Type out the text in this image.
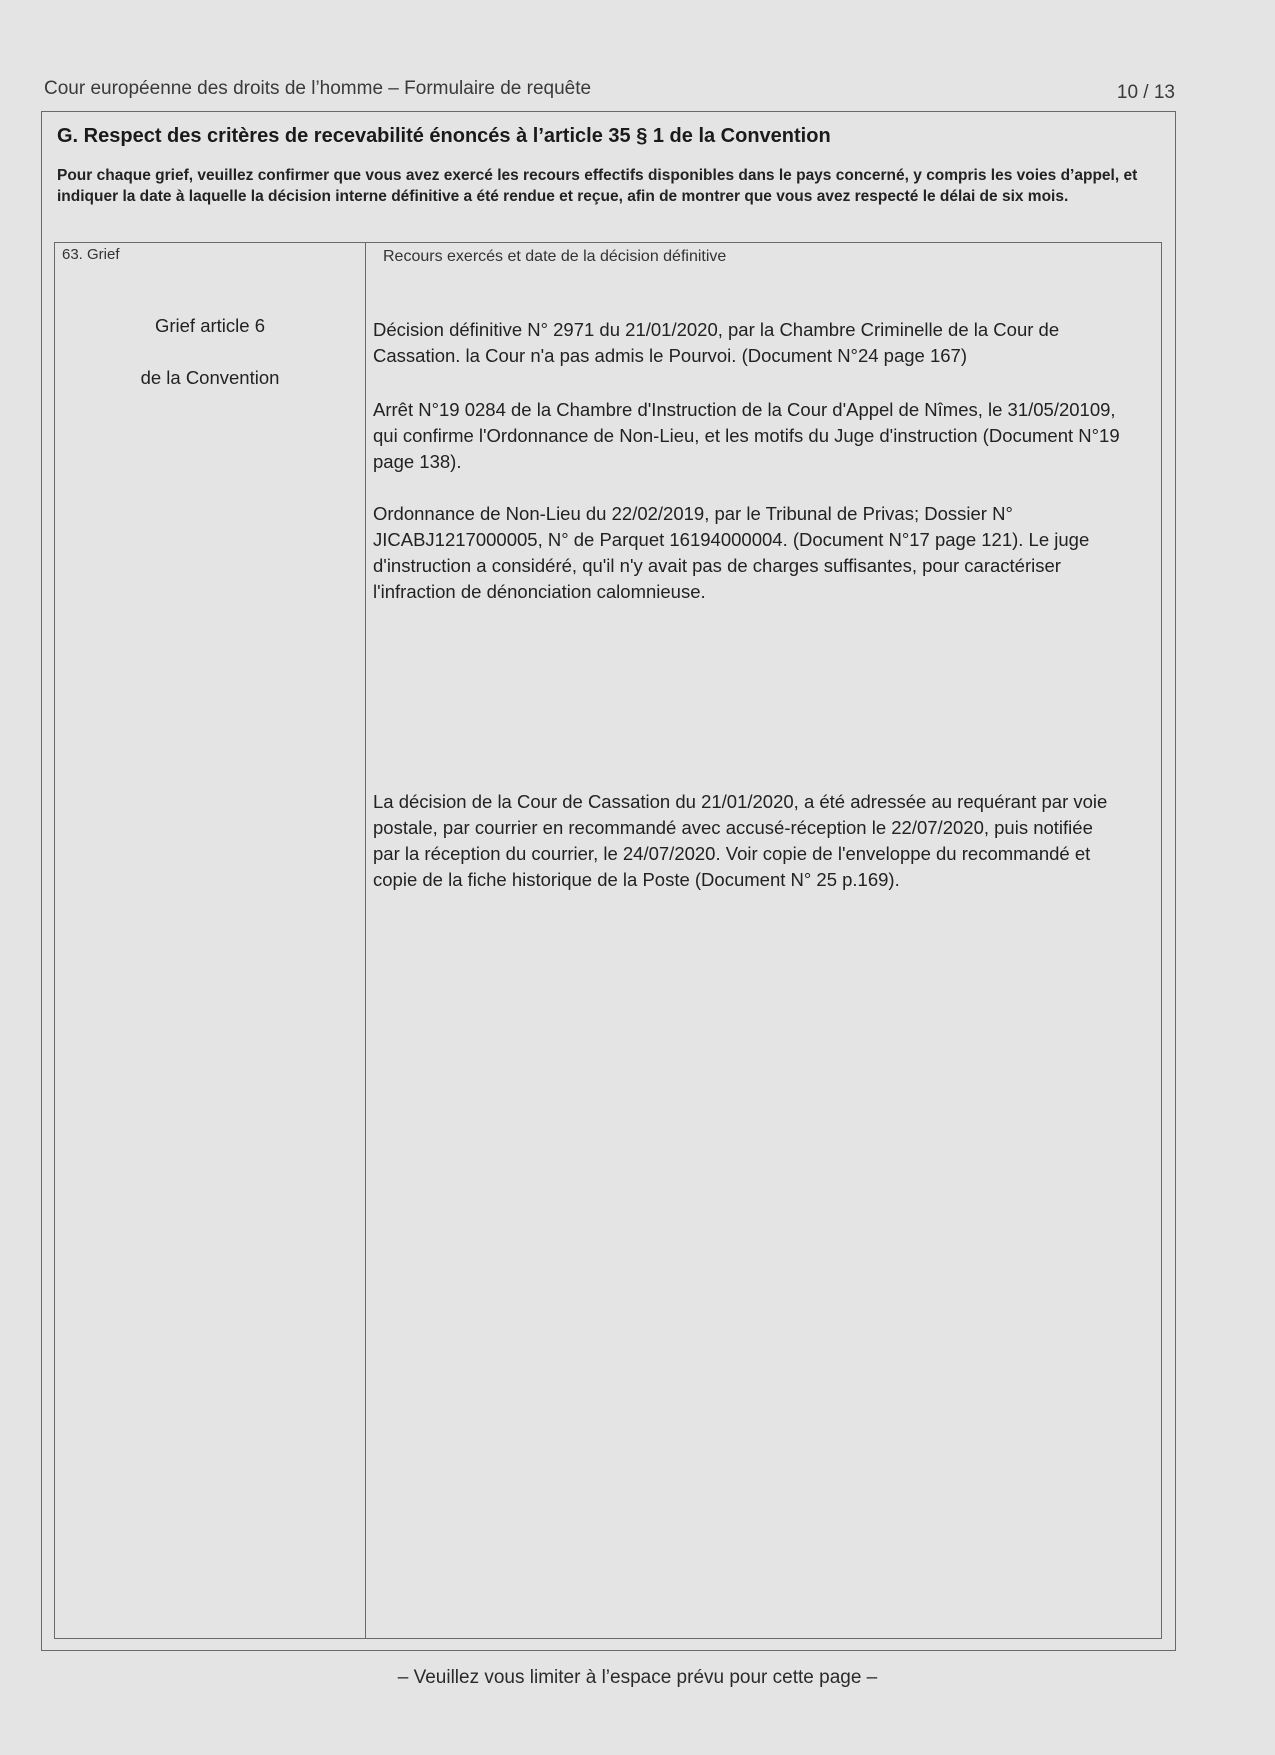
Cour européenne des droits de l’homme – Formulaire de requête	10 / 13
G. Respect des critères de recevabilité énoncés à l’article 35 § 1 de la Convention
Pour chaque grief, veuillez confirmer que vous avez exercé les recours effectifs disponibles dans le pays concerné, y compris les voies d’appel, et indiquer la date à laquelle la décision interne définitive a été rendue et reçue, afin de montrer que vous avez respecté le délai de six mois.
63. Grief	Recours exercés et date de la décision définitive
Grief article 6
de la Convention

Décision définitive N° 2971 du 21/01/2020, par la Chambre Criminelle de la Cour de Cassation. la Cour n'a pas admis le Pourvoi. (Document N°24 page 167)

Arrêt N°19 0284 de la Chambre d'Instruction de la Cour d'Appel de Nîmes, le 31/05/20109, qui confirme l'Ordonnance de Non-Lieu, et les motifs du Juge d'instruction (Document N°19 page 138).

Ordonnance de Non-Lieu du 22/02/2019, par le Tribunal de Privas; Dossier N° JICABJ1217000005, N° de Parquet 16194000004. (Document N°17 page 121). Le juge d'instruction a considéré, qu'il n'y avait pas de charges suffisantes, pour caractériser l'infraction de dénonciation calomnieuse.

La décision de la Cour de Cassation du 21/01/2020, a été adressée au requérant par voie postale, par courrier en recommandé avec accusé-réception le 22/07/2020, puis notifiée par la réception du courrier, le 24/07/2020. Voir copie de l'enveloppe du recommandé et copie de la fiche historique de la Poste (Document N° 25 p.169).

– Veuillez vous limiter à l’espace prévu pour cette page –
